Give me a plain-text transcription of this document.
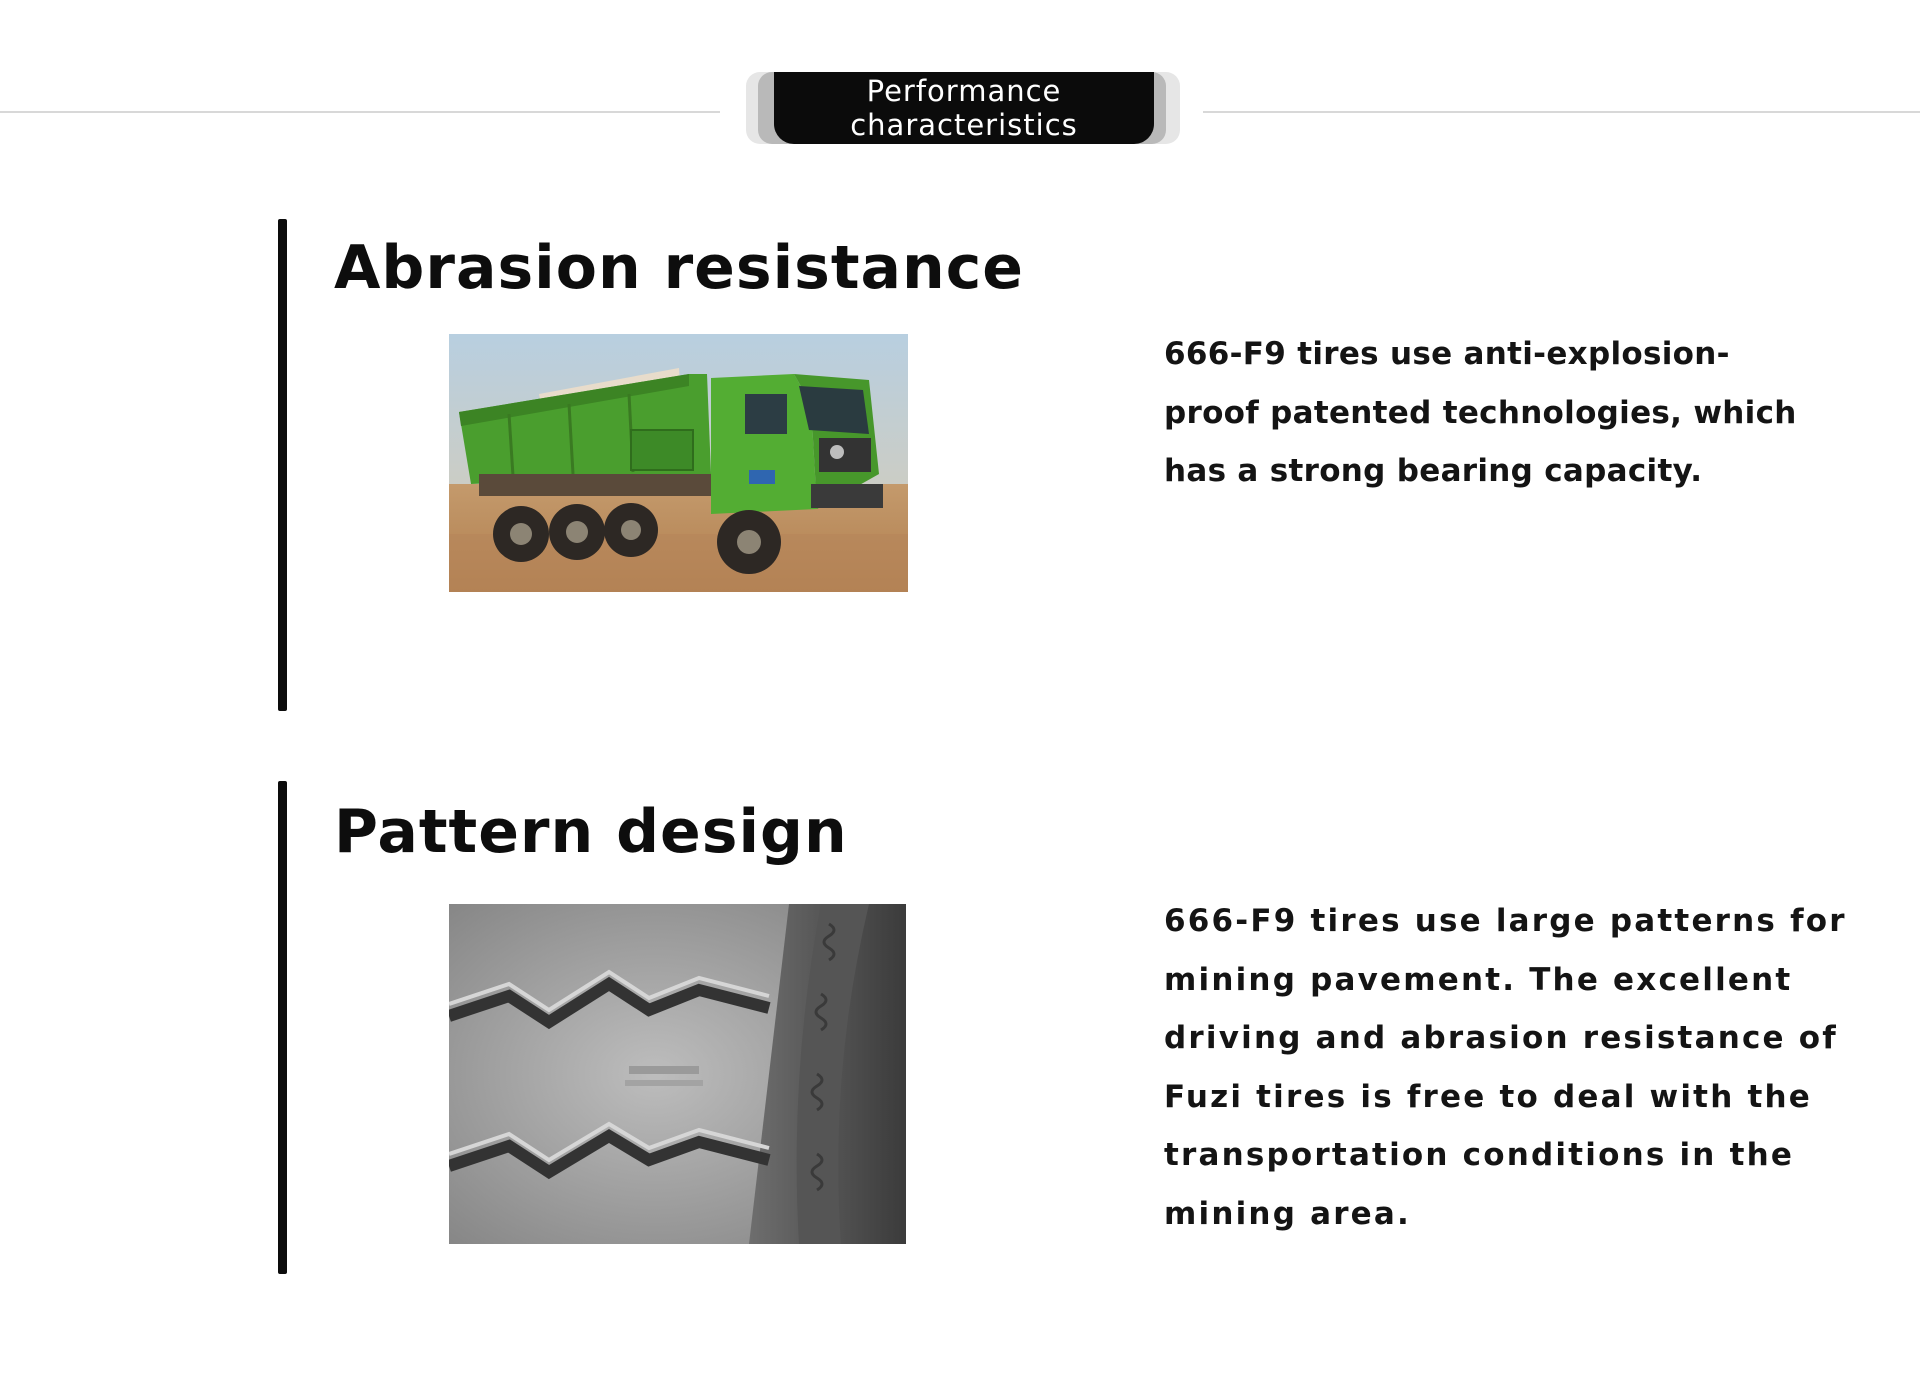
Performance characteristics
Abrasion resistance

666-F9 tires use anti-explosion-proof patented technologies, which has a strong bearing capacity.

Pattern design

666-F9 tires use large patterns for mining pavement. The excellent driving and abrasion resistance of Fuzi tires is free to deal with the transportation conditions in the mining area.
